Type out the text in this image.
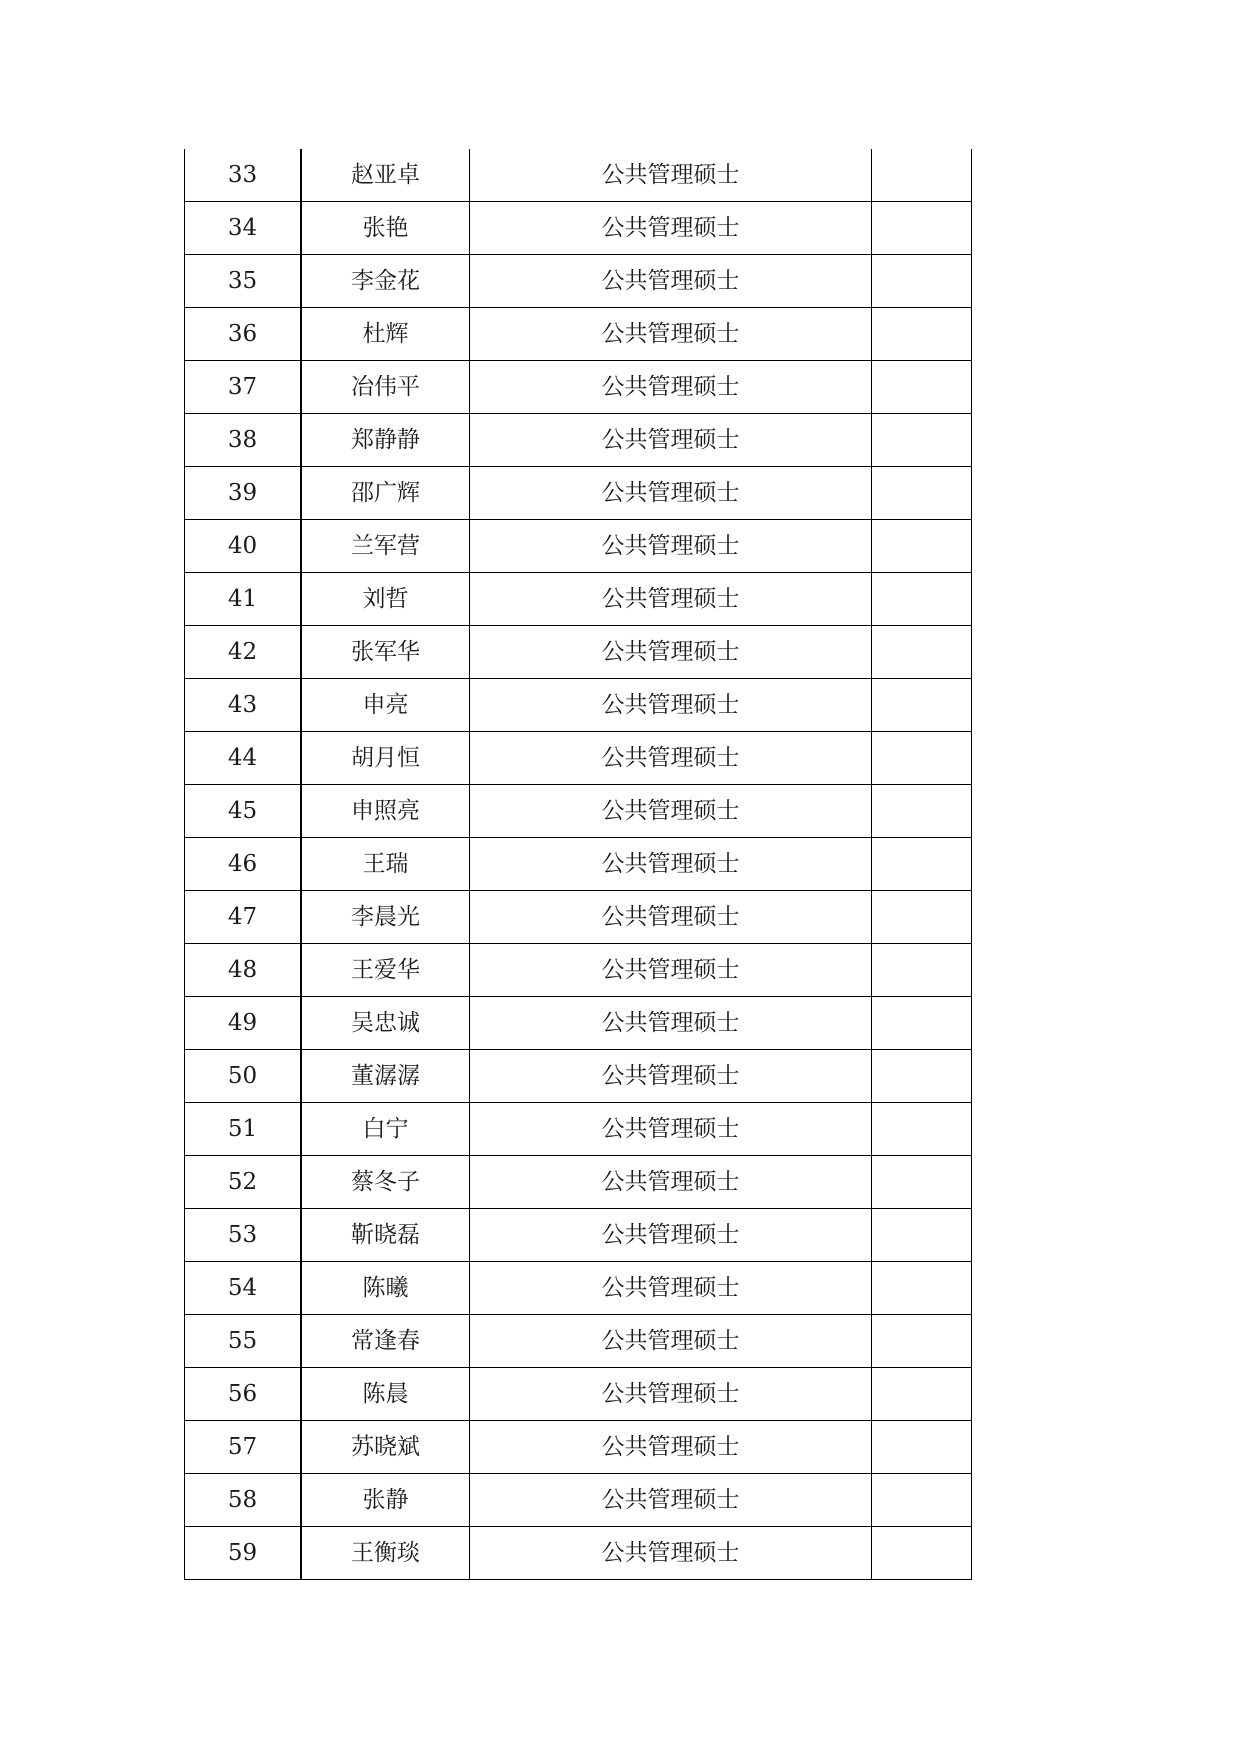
33	赵亚卓	公共管理硕士	
34	张艳	公共管理硕士	
35	李金花	公共管理硕士	
36	杜辉	公共管理硕士	
37	冶伟平	公共管理硕士	
38	郑静静	公共管理硕士	
39	邵广辉	公共管理硕士	
40	兰军营	公共管理硕士	
41	刘哲	公共管理硕士	
42	张军华	公共管理硕士	
43	申亮	公共管理硕士	
44	胡月恒	公共管理硕士	
45	申照亮	公共管理硕士	
46	王瑞	公共管理硕士	
47	李晨光	公共管理硕士	
48	王爱华	公共管理硕士	
49	吴忠诚	公共管理硕士	
50	董潺潺	公共管理硕士	
51	白宁	公共管理硕士	
52	蔡冬子	公共管理硕士	
53	靳晓磊	公共管理硕士	
54	陈曦	公共管理硕士	
55	常逢春	公共管理硕士	
56	陈晨	公共管理硕士	
57	苏晓斌	公共管理硕士	
58	张静	公共管理硕士	
59	王衡琰	公共管理硕士	
